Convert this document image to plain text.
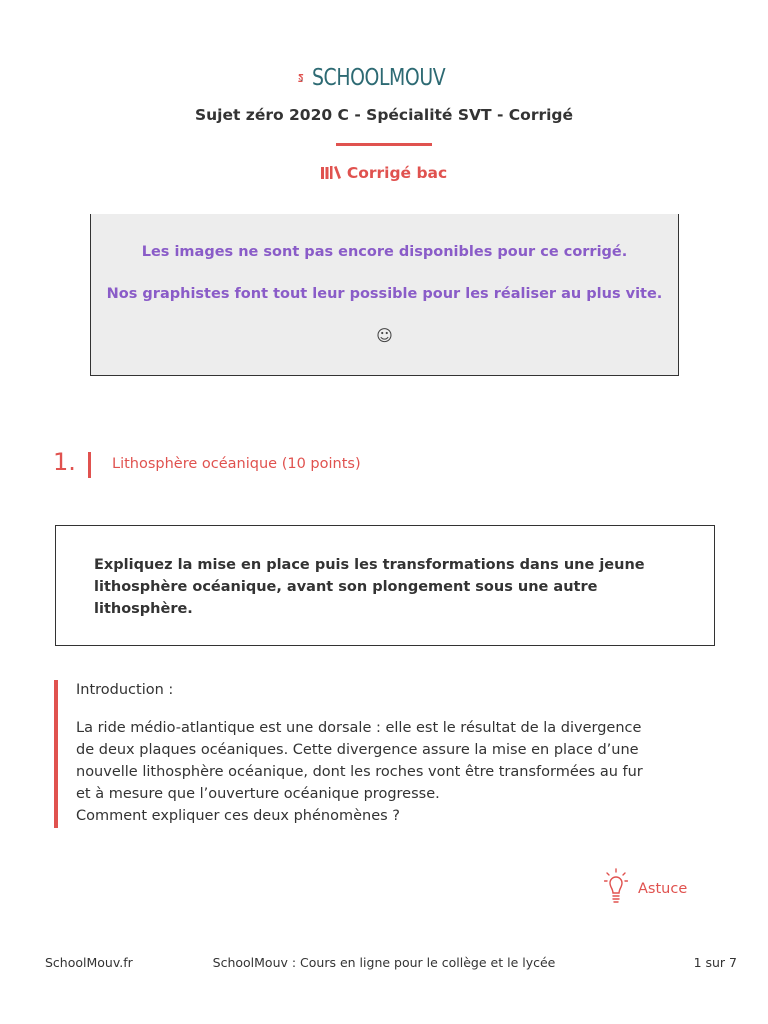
SCHOOLMOUV
Sujet zéro 2020 C - Spécialité SVT - Corrigé
Corrigé bac

Les images ne sont pas encore disponibles pour ce corrigé.

Nos graphistes font tout leur possible pour les réaliser au plus vite.

☺

1. Lithosphère océanique (10 points)
Expliquez la mise en place puis les transformations dans une jeune
lithosphère océanique, avant son plongement sous une autre
lithosphère.
Introduction :
La ride médio-atlantique est une dorsale : elle est le résultat de la divergence
de deux plaques océaniques. Cette divergence assure la mise en place d’une
nouvelle lithosphère océanique, dont les roches vont être transformées au fur
et à mesure que l’ouverture océanique progresse.
Comment expliquer ces deux phénomènes ?
Astuce
SchoolMouv.fr	SchoolMouv : Cours en ligne pour le collège et le lycée	1 sur 7
